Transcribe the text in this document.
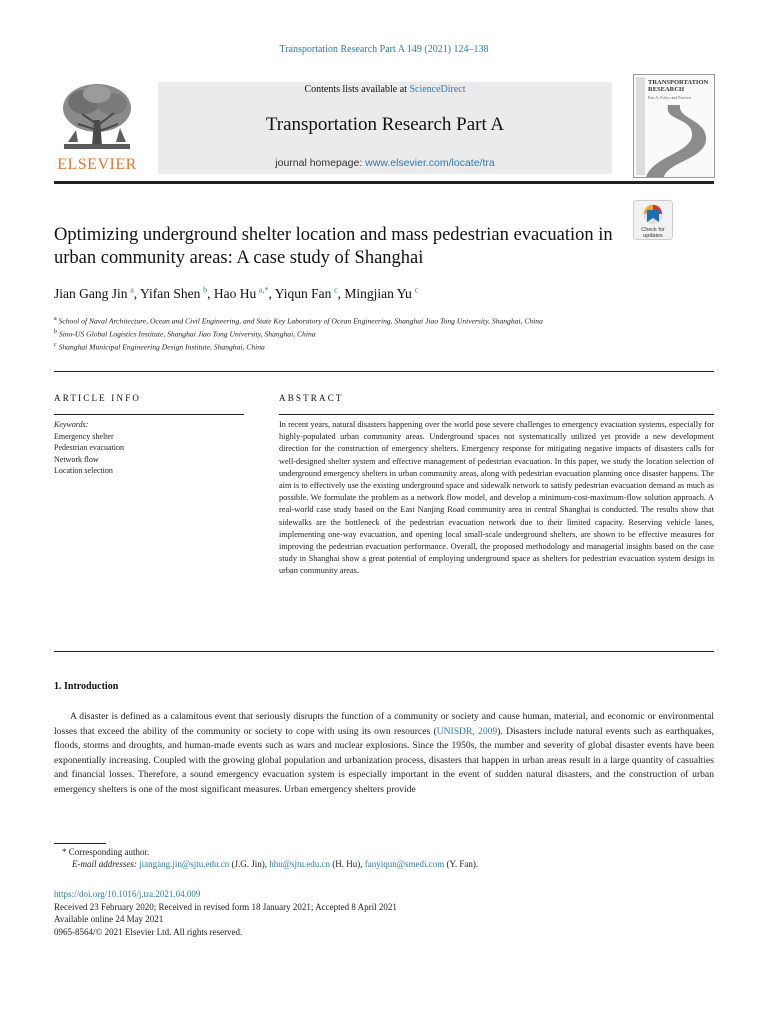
Transportation Research Part A 149 (2021) 124–138
ELSEVIER
Contents lists available at ScienceDirect
Transportation Research Part A
journal homepage: www.elsevier.com/locate/tra
TRANSPORTATION RESEARCH
Part A: Policy and Practice
Check for updates
Optimizing underground shelter location and mass pedestrian evacuation in urban community areas: A case study of Shanghai
Jian Gang Jin  $^a$, Yifan Shen  $^b$, Hao Hu  $^{a,*}$, Yiqun Fan  $^c$, Mingjian Yu  $^c$
$^a$ School of Naval Architecture, Ocean and Civil Engineering, and State Key Laboratory of Ocean Engineering, Shanghai Jiao Tong University, Shanghai, China
$^b$ Sino-US Global Logistics Institute, Shanghai Jiao Tong University, Shanghai, China
$^c$ Shanghai Municipal Engineering Design Institute, Shanghai, China
ARTICLE INFO	ABSTRACT
Keywords:
Emergency shelter
Pedestrian evacuation
Network flow
Location selection

In recent years, natural disasters happening over the world pose severe challenges to emergency evacuation systems, especially for highly-populated urban community areas. Underground spaces not systematically utilized yet provide a new development direction for the construction of emergency shelters. Emergency response for mitigating negative impacts of disasters calls for well-designed shelter system and effective management of pedestrian evacuation. In this paper, we study the location selection of underground emergency shelters in urban community areas, along with pedestrian evacuation planning once disaster happens. The aim is to effectively use the existing underground space and sidewalk network to satisfy pedestrian evacuation demand as much as possible. We formulate the problem as a network flow model, and develop a minimum-cost-maximum-flow solution approach. A real-world case study based on the East Nanjing Road community area in central Shanghai is conducted. The results show that sidewalks are the bottleneck of the pedestrian evacuation network due to their limited capacity. Reserving vehicle lanes, implementing one-way evacuation, and opening local small-scale underground shelters, are shown to be effective measures for improving the pedestrian evacuation performance. Overall, the proposed methodology and managerial insights based on the case study in Shanghai show a great potential of employing underground space as shelters for pedestrian evacuation system design in urban community areas.

1. Introduction

A disaster is defined as a calamitous event that seriously disrupts the function of a community or society and cause human, material, and economic or environmental losses that exceed the ability of the community or society to cope with using its own resources (UNISDR, 2009). Disasters include natural events such as earthquakes, floods, storms and droughts, and human-made events such as wars and nuclear explosions. Since the 1950s, the number and severity of global disaster events have been exponentially increasing. Coupled with the growing global population and urbanization process, disasters that happen in urban areas result in a large quantity of casualties and financial losses. Therefore, a sound emergency evacuation system is especially important in the event of sudden natural disasters, and the construction of urban emergency shelters is one of the most significant measures. Urban emergency shelters provide

* Corresponding author.
E-mail addresses: jiangang.jin@sjtu.edu.cn (J.G. Jin), hhu@sjtu.edu.cn (H. Hu), fanyiqun@smedi.com (Y. Fan).
https://doi.org/10.1016/j.tra.2021.04.009
Received 23 February 2020; Received in revised form 18 January 2021; Accepted 8 April 2021
Available online 24 May 2021
0965-8564/© 2021 Elsevier Ltd. All rights reserved.
